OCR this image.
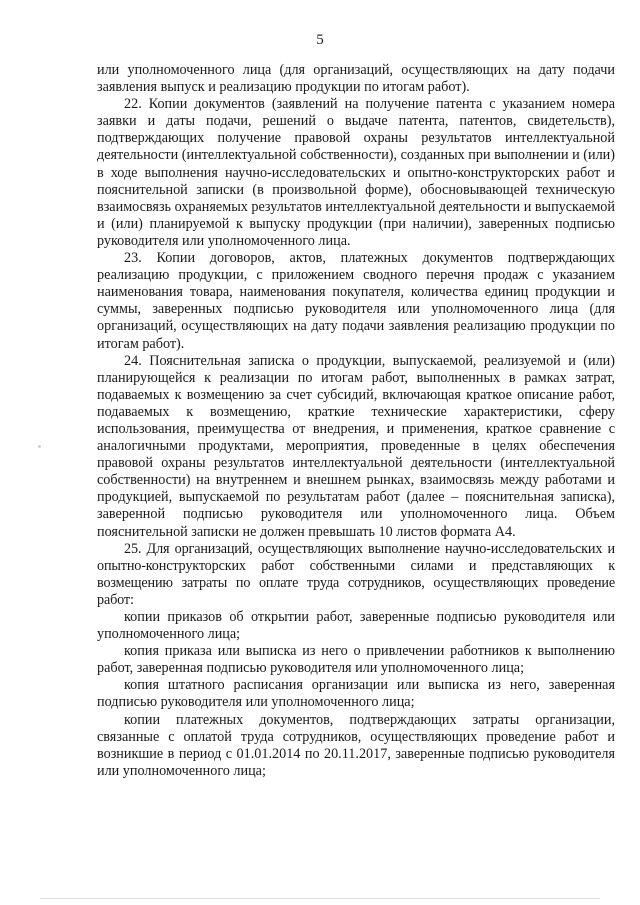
5

или уполномоченного лица (для организаций, осуществляющих на дату подачи заявления выпуск и реализацию продукции по итогам работ).

22. Копии документов (заявлений на получение патента с указанием номера заявки и даты подачи, решений о выдаче патента, патентов, свидетельств), подтверждающих получение правовой охраны результатов интеллектуальной деятельности (интеллектуальной собственности), созданных при выполнении и (или) в ходе выполнения научно-исследовательских и опытно-конструкторских работ и пояснительной записки (в произвольной форме), обосновывающей техническую взаимосвязь охраняемых результатов интеллектуальной деятельности и выпускаемой и (или) планируемой к выпуску продукции (при наличии), заверенных подписью руководителя или уполномоченного лица.

23. Копии договоров, актов, платежных документов подтверждающих реализацию продукции, с приложением сводного перечня продаж с указанием наименования товара, наименования покупателя, количества единиц продукции и суммы, заверенных подписью руководителя или уполномоченного лица (для организаций, осуществляющих на дату подачи заявления реализацию продукции по итогам работ).

24. Пояснительная записка о продукции, выпускаемой, реализуемой и (или) планирующейся к реализации по итогам работ, выполненных в рамках затрат, подаваемых к возмещению за счет субсидий, включающая краткое описание работ, подаваемых к возмещению, краткие технические характеристики, сферу использования, преимущества от внедрения, и применения, краткое сравнение с аналогичными продуктами, мероприятия, проведенные в целях обеспечения правовой охраны результатов интеллектуальной деятельности (интеллектуальной собственности) на внутреннем и внешнем рынках, взаимосвязь между работами и продукцией, выпускаемой по результатам работ (далее – пояснительная записка), заверенной подписью руководителя или уполномоченного лица. Объем пояснительной записки не должен превышать 10 листов формата А4.

25. Для организаций, осуществляющих выполнение научно-исследовательских и опытно-конструкторских работ собственными силами и представляющих к возмещению затраты по оплате труда сотрудников, осуществляющих проведение работ:

копии приказов об открытии работ, заверенные подписью руководителя или уполномоченного лица;

копия приказа или выписка из него о привлечении работников к выполнению работ, заверенная подписью руководителя или уполномоченного лица;

копия штатного расписания организации или выписка из него, заверенная подписью руководителя или уполномоченного лица;

копии платежных документов, подтверждающих затраты организации, связанные с оплатой труда сотрудников, осуществляющих проведение работ и возникшие в период с 01.01.2014 по 20.11.2017, заверенные подписью руководителя или уполномоченного лица;
